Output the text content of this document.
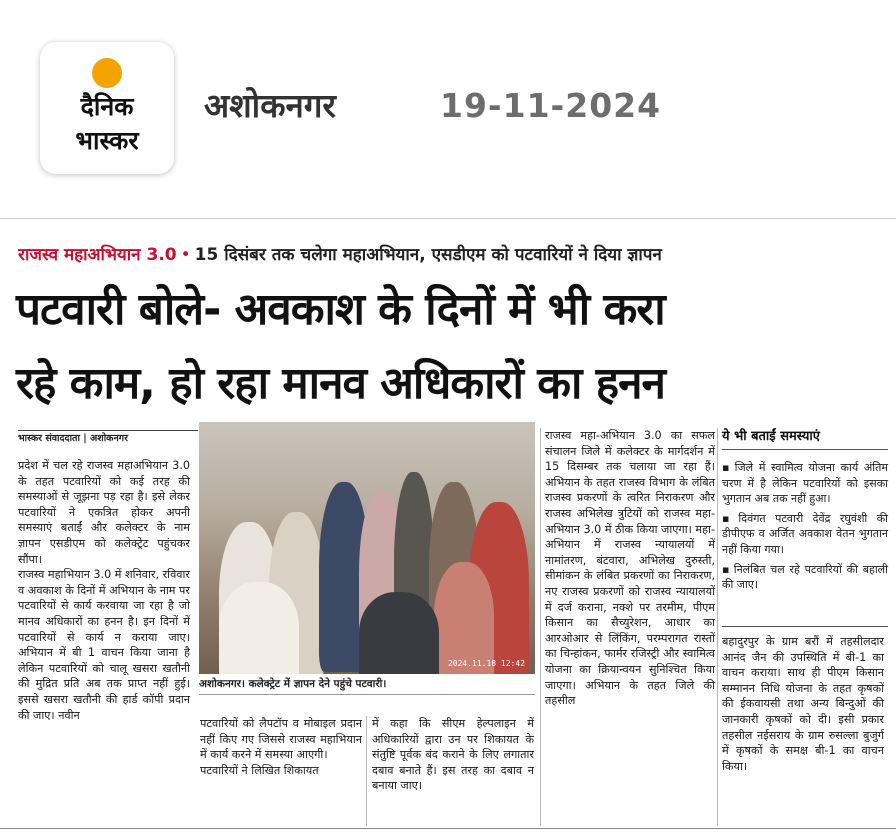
दैनिक
भास्कर
अशोकनगर	19-11-2024
राजस्व महाअभियान 3.0 • 15 दिसंबर तक चलेगा महाअभियान, एसडीएम को पटवारियों ने दिया ज्ञापन
पटवारी बोले- अवकाश के दिनों में भी करा
रहे काम, हो रहा मानव अधिकारों का हनन
भास्कर संवाददाता | अशोकनगर
प्रदेश में चल रहे राजस्व महाअभियान 3.0 के तहत पटवारियों को कई तरह की समस्याओं से जूझना पड़ रहा है। इसे लेकर पटवारियों ने एकत्रित होकर अपनी समस्याएं बताईं और कलेक्टर के नाम ज्ञापन एसडीएम को कलेक्ट्रेट पहुंचकर सौंपा।
राजस्व महाभियान 3.0 में शनिवार, रविवार व अवकाश के दिनों में अभियान के नाम पर पटवारियों से कार्य करवाया जा रहा है जो मानव अधिकारों का हनन है। इन दिनों में पटवारियों से कार्य न कराया जाए। अभियान में बी 1 वाचन किया जाना है लेकिन पटवारियों को चालू खसरा खतौनी की मुद्रित प्रति अब तक प्राप्त नहीं हुई। इससे खसरा खतौनी की हार्ड कॉपी प्रदान की जाए। नवीन
2024.11.18 12:42
अशोकनगर। कलेक्ट्रेट में ज्ञापन देने पहुंचे पटवारी।
पटवारियों को लैपटॉप व मोबाइल प्रदान नहीं किए गए जिससे राजस्व महाभियान में कार्य करने में समस्या आएगी।
पटवारियों ने लिखित शिकायत
में कहा कि सीएम हेल्पलाइन में अधिकारियों द्वारा उन पर शिकायत के संतुष्टि पूर्वक बंद कराने के लिए लगातार दबाव बनाते हैं। इस तरह का दबाव न बनाया जाए।
राजस्व महा-अभियान 3.0 का सफल संचालन जिले में कलेक्टर के मार्गदर्शन में 15 दिसम्बर तक चलाया जा रहा हैं। अभियान के तहत राजस्व विभाग के लंबित राजस्व प्रकरणों के त्वरित निराकरण और राजस्व अभिलेख त्रुटियों को राजस्व महा-अभियान 3.0 में ठीक किया जाएगा। महा-अभियान में राजस्व न्यायालयों में नामांतरण, बंटवारा, अभिलेख दुरुस्ती, सीमांकन के लंबित प्रकरणों का निराकरण, नए राजस्व प्रकरणों को राजस्व न्यायालयों में दर्ज कराना, नक्शे पर तरमीम, पीएम किसान का सैच्युरेशन, आधार का आरओआर से लिंकिंग, परम्परागत रास्तों का चिन्हांकन, फार्मर रजिस्ट्री और स्वामित्व योजना का क्रियान्वयन सुनिश्चित किया जाएगा। अभियान के तहत जिले की तहसील
ये भी बताईं समस्याएं
▪ जिले में स्वामित्व योजना कार्य अंतिम चरण में है लेकिन पटवारियों को इसका भुगतान अब तक नहीं हुआ।
▪ दिवंगत पटवारी देवेंद्र रघुवंशी की डीपीएफ व अर्जित अवकाश वेतन भुगतान नहीं किया गया।
▪ निलंबित चल रहे पटवारियों की बहाली की जाए।
बहादुरपुर के ग्राम बरौं में तहसीलदार आनंद जैन की उपस्थिति में बी-1 का वाचन कराया। साथ ही पीएम किसान सम्मानन निधि योजना के तहत कृषकों की ईकवायसी तथा अन्य बिन्दुओं की जानकारी कृषकों को दी। इसी प्रकार तहसील नईसराय के ग्राम रुसल्ला बुजुर्ग में कृषकों के समक्ष बी-1 का वाचन किया।
